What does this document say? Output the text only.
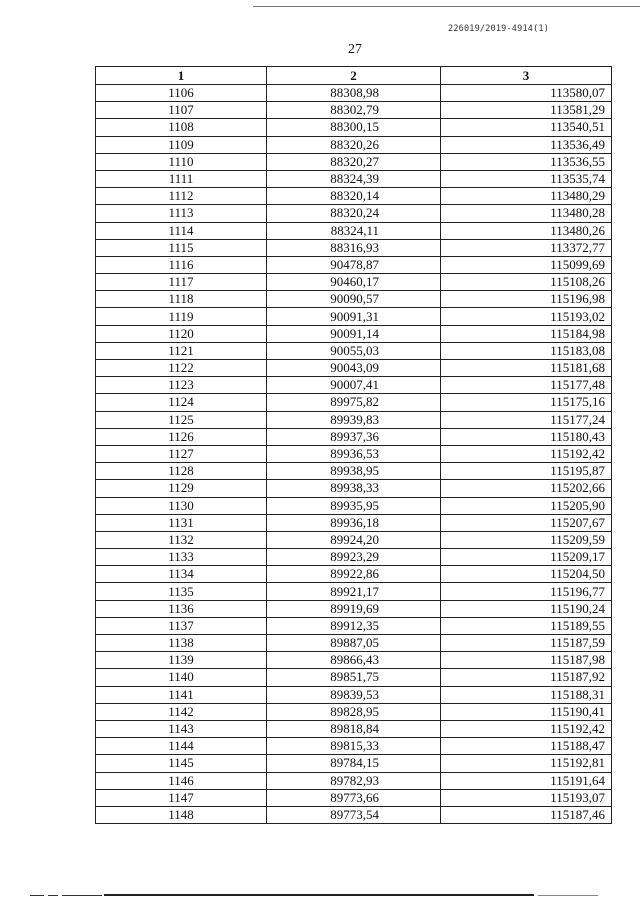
226019/2019-4914(1)
27
1	2	3
1106	88308,98	113580,07
1107	88302,79	113581,29
1108	88300,15	113540,51
1109	88320,26	113536,49
1110	88320,27	113536,55
1111	88324,39	113535,74
1112	88320,14	113480,29
1113	88320,24	113480,28
1114	88324,11	113480,26
1115	88316,93	113372,77
1116	90478,87	115099,69
1117	90460,17	115108,26
1118	90090,57	115196,98
1119	90091,31	115193,02
1120	90091,14	115184,98
1121	90055,03	115183,08
1122	90043,09	115181,68
1123	90007,41	115177,48
1124	89975,82	115175,16
1125	89939,83	115177,24
1126	89937,36	115180,43
1127	89936,53	115192,42
1128	89938,95	115195,87
1129	89938,33	115202,66
1130	89935,95	115205,90
1131	89936,18	115207,67
1132	89924,20	115209,59
1133	89923,29	115209,17
1134	89922,86	115204,50
1135	89921,17	115196,77
1136	89919,69	115190,24
1137	89912,35	115189,55
1138	89887,05	115187,59
1139	89866,43	115187,98
1140	89851,75	115187,92
1141	89839,53	115188,31
1142	89828,95	115190,41
1143	89818,84	115192,42
1144	89815,33	115188,47
1145	89784,15	115192,81
1146	89782,93	115191,64
1147	89773,66	115193,07
1148	89773,54	115187,46
